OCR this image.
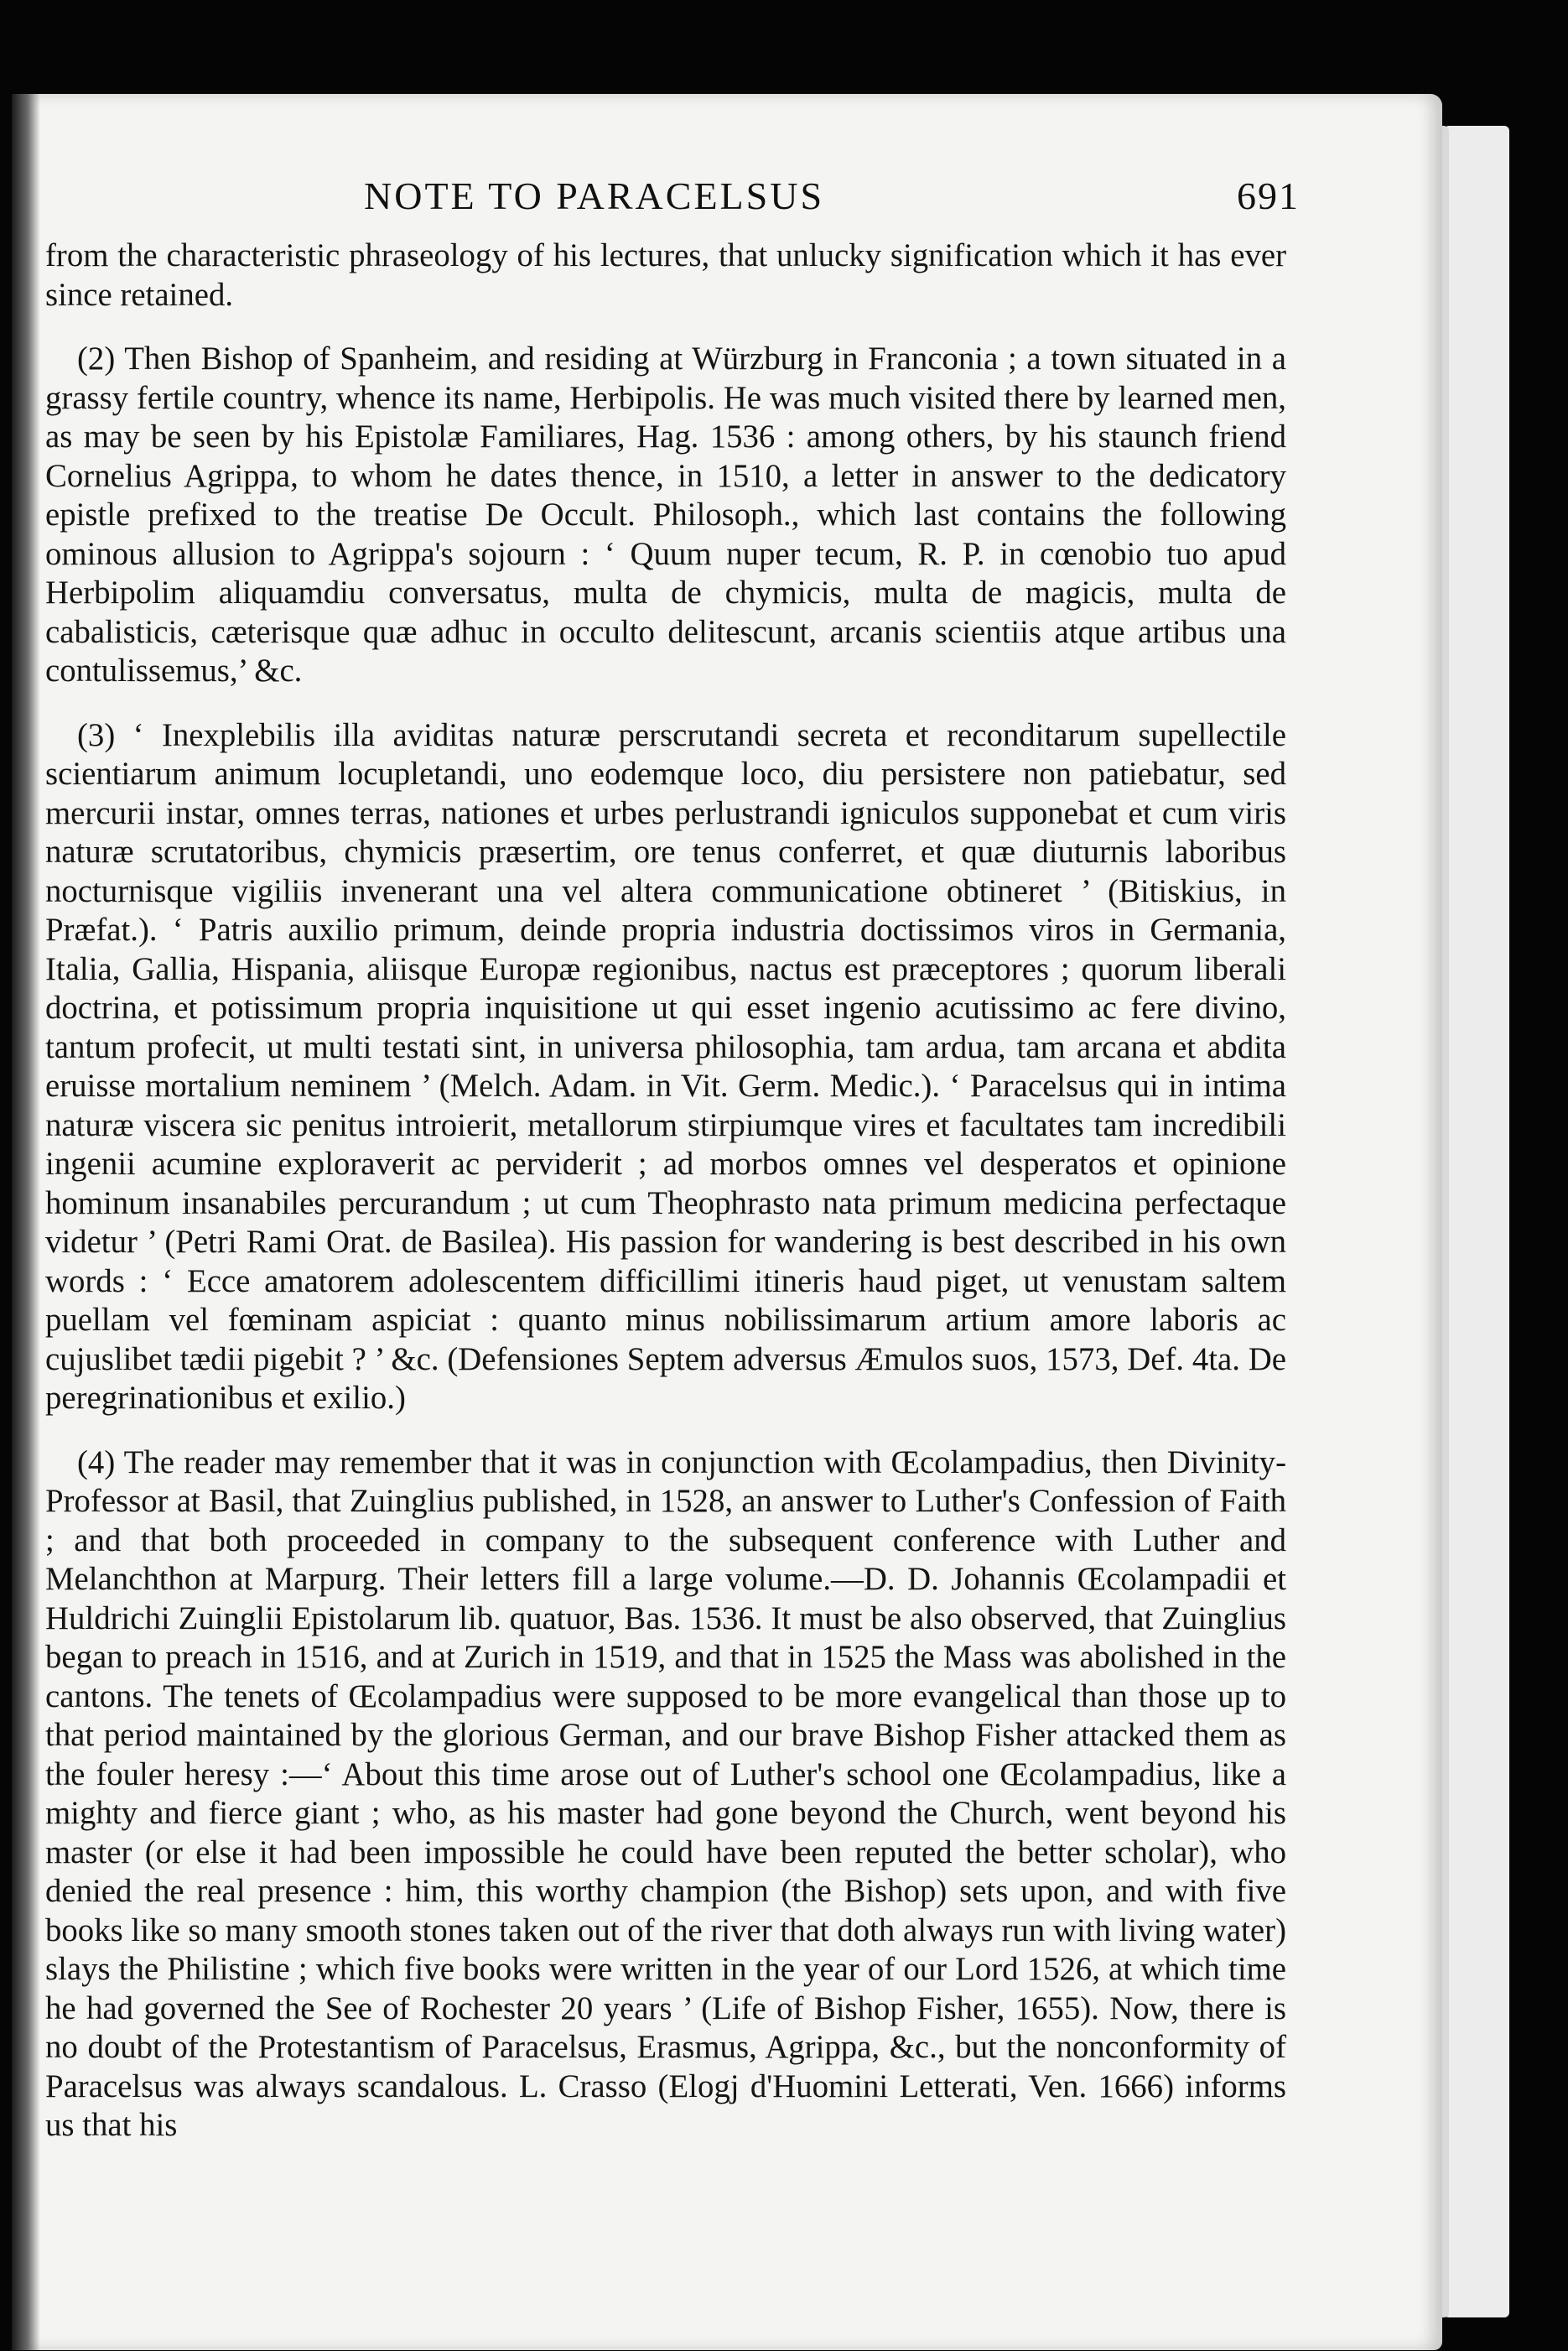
NOTE TO PARACELSUS	691

from the characteristic phraseology of his lectures, that unlucky signification which it has ever since retained.

(2) Then Bishop of Spanheim, and residing at Würzburg in Franconia ; a town situated in a grassy fertile country, whence its name, Herbipolis. He was much visited there by learned men, as may be seen by his Epistolæ Familiares, Hag. 1536 : among others, by his staunch friend Cornelius Agrippa, to whom he dates thence, in 1510, a letter in answer to the dedicatory epistle prefixed to the treatise De Occult. Philosoph., which last contains the following ominous allusion to Agrippa's sojourn : ‘ Quum nuper tecum, R. P. in cœnobio tuo apud Herbipolim aliquamdiu conversatus, multa de chymicis, multa de magicis, multa de cabalisticis, cæterisque quæ adhuc in occulto delitescunt, arcanis scientiis atque artibus una contulissemus,’ &c.

(3) ‘ Inexplebilis illa aviditas naturæ perscrutandi secreta et reconditarum supellectile scientiarum animum locupletandi, uno eodemque loco, diu persistere non patiebatur, sed mercurii instar, omnes terras, nationes et urbes perlustrandi igniculos supponebat et cum viris naturæ scrutatoribus, chymicis præsertim, ore tenus conferret, et quæ diuturnis laboribus nocturnisque vigiliis invenerant una vel altera communicatione obtineret ’ (Bitiskius, in Præfat.). ‘ Patris auxilio primum, deinde propria industria doctissimos viros in Germania, Italia, Gallia, Hispania, aliisque Europæ regionibus, nactus est præceptores ; quorum liberali doctrina, et potissimum propria inquisitione ut qui esset ingenio acutissimo ac fere divino, tantum profecit, ut multi testati sint, in universa philosophia, tam ardua, tam arcana et abdita eruisse mortalium neminem ’ (Melch. Adam. in Vit. Germ. Medic.). ‘ Paracelsus qui in intima naturæ viscera sic penitus introierit, metallorum stirpiumque vires et facultates tam incredibili ingenii acumine exploraverit ac perviderit ; ad morbos omnes vel desperatos et opinione hominum insanabiles percurandum ; ut cum Theophrasto nata primum medicina perfectaque videtur ’ (Petri Rami Orat. de Basilea). His passion for wandering is best described in his own words : ‘ Ecce amatorem adolescentem difficillimi itineris haud piget, ut venustam saltem puellam vel fœminam aspiciat : quanto minus nobilissimarum artium amore laboris ac cujuslibet tædii pigebit ? ’ &c. (Defensiones Septem adversus Æmulos suos, 1573, Def. 4ta. De peregrinationibus et exilio.)

(4) The reader may remember that it was in conjunction with Œcolampadius, then Divinity-Professor at Basil, that Zuinglius published, in 1528, an answer to Luther's Confession of Faith ; and that both proceeded in company to the subsequent conference with Luther and Melanchthon at Marpurg. Their letters fill a large volume.—D. D. Johannis Œcolampadii et Huldrichi Zuinglii Epistolarum lib. quatuor, Bas. 1536. It must be also observed, that Zuinglius began to preach in 1516, and at Zurich in 1519, and that in 1525 the Mass was abolished in the cantons. The tenets of Œcolampadius were supposed to be more evangelical than those up to that period maintained by the glorious German, and our brave Bishop Fisher attacked them as the fouler heresy :—‘ About this time arose out of Luther's school one Œcolampadius, like a mighty and fierce giant ; who, as his master had gone beyond the Church, went beyond his master (or else it had been impossible he could have been reputed the better scholar), who denied the real presence : him, this worthy champion (the Bishop) sets upon, and with five books like so many smooth stones taken out of the river that doth always run with living water) slays the Philistine ; which five books were written in the year of our Lord 1526, at which time he had governed the See of Rochester 20 years ’ (Life of Bishop Fisher, 1655). Now, there is no doubt of the Protestantism of Paracelsus, Erasmus, Agrippa, &c., but the nonconformity of Paracelsus was always scandalous. L. Crasso (Elogj d'Huomini Letterati, Ven. 1666) informs us that his
